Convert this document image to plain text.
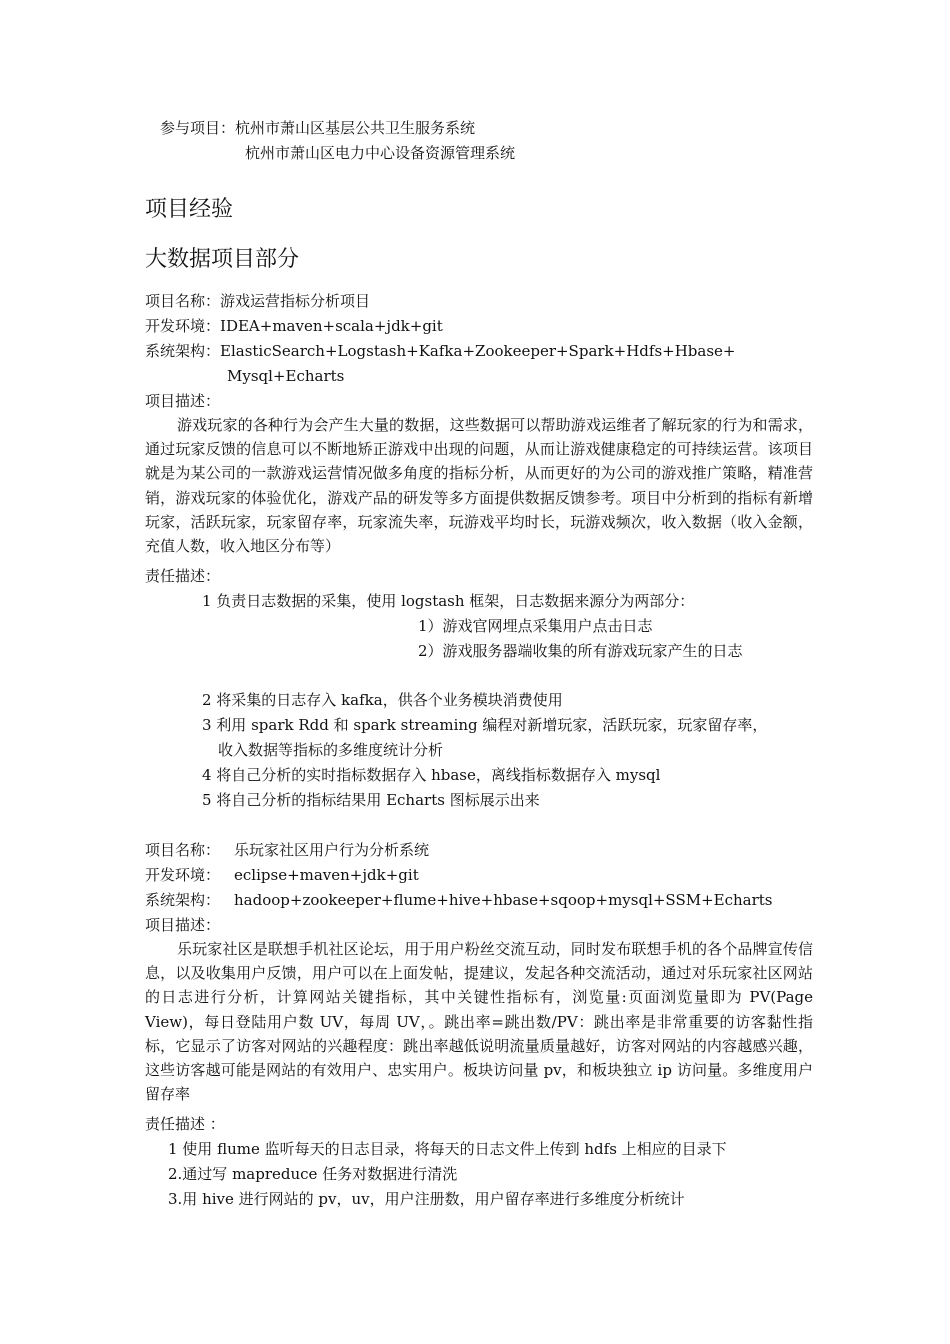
参与项目：杭州市萧山区基层公共卫生服务系统
杭州市萧山区电力中心设备资源管理系统
项目经验
大数据项目部分
项目名称：游戏运营指标分析项目
开发环境：IDEA+maven+scala+jdk+git
系统架构：ElasticSearch+Logstash+Kafka+Zookeeper+Spark+Hdfs+Hbase+
Mysql+Echarts
项目描述：
游戏玩家的各种行为会产生大量的数据，这些数据可以帮助游戏运维者了解玩家的行为和需求，通过玩家反馈的信息可以不断地矫正游戏中出现的问题，从而让游戏健康稳定的可持续运营。该项目就是为某公司的一款游戏运营情况做多角度的指标分析，从而更好的为公司的游戏推广策略，精准营销，游戏玩家的体验优化，游戏产品的研发等多方面提供数据反馈参考。项目中分析到的指标有新增玩家，活跃玩家，玩家留存率，玩家流失率，玩游戏平均时长，玩游戏频次，收入数据（收入金额，充值人数，收入地区分布等）
责任描述：
1 负责日志数据的采集，使用 logstash 框架，日志数据来源分为两部分：
1）游戏官网埋点采集用户点击日志
2）游戏服务器端收集的所有游戏玩家产生的日志
2 将采集的日志存入 kafka，供各个业务模块消费使用
3 利用 spark Rdd 和 spark streaming 编程对新增玩家，活跃玩家，玩家留存率，
收入数据等指标的多维度统计分析
4 将自己分析的实时指标数据存入 hbase，离线指标数据存入 mysql
5 将自己分析的指标结果用 Echarts 图标展示出来
项目名称： 乐玩家社区用户行为分析系统
开发环境： eclipse+maven+jdk+git
系统架构： hadoop+zookeeper+flume+hive+hbase+sqoop+mysql+SSM+Echarts
项目描述：
乐玩家社区是联想手机社区论坛，用于用户粉丝交流互动，同时发布联想手机的各个品牌宣传信息，以及收集用户反馈，用户可以在上面发帖，提建议，发起各种交流活动，通过对乐玩家社区网站的日志进行分析，计算网站关键指标，其中关键性指标有，浏览量:页面浏览量即为 PV(Page View)，每日登陆用户数 UV，每周 UV，。跳出率=跳出数/PV：跳出率是非常重要的访客黏性指标，它显示了访客对网站的兴趣程度：跳出率越低说明流量质量越好，访客对网站的内容越感兴趣，这些访客越可能是网站的有效用户、忠实用户。板块访问量 pv，和板块独立 ip 访问量。多维度用户留存率
责任描述 ：
1 使用 flume 监听每天的日志目录，将每天的日志文件上传到 hdfs 上相应的目录下
2.通过写 mapreduce 任务对数据进行清洗
3.用 hive 进行网站的 pv，uv，用户注册数，用户留存率进行多维度分析统计
